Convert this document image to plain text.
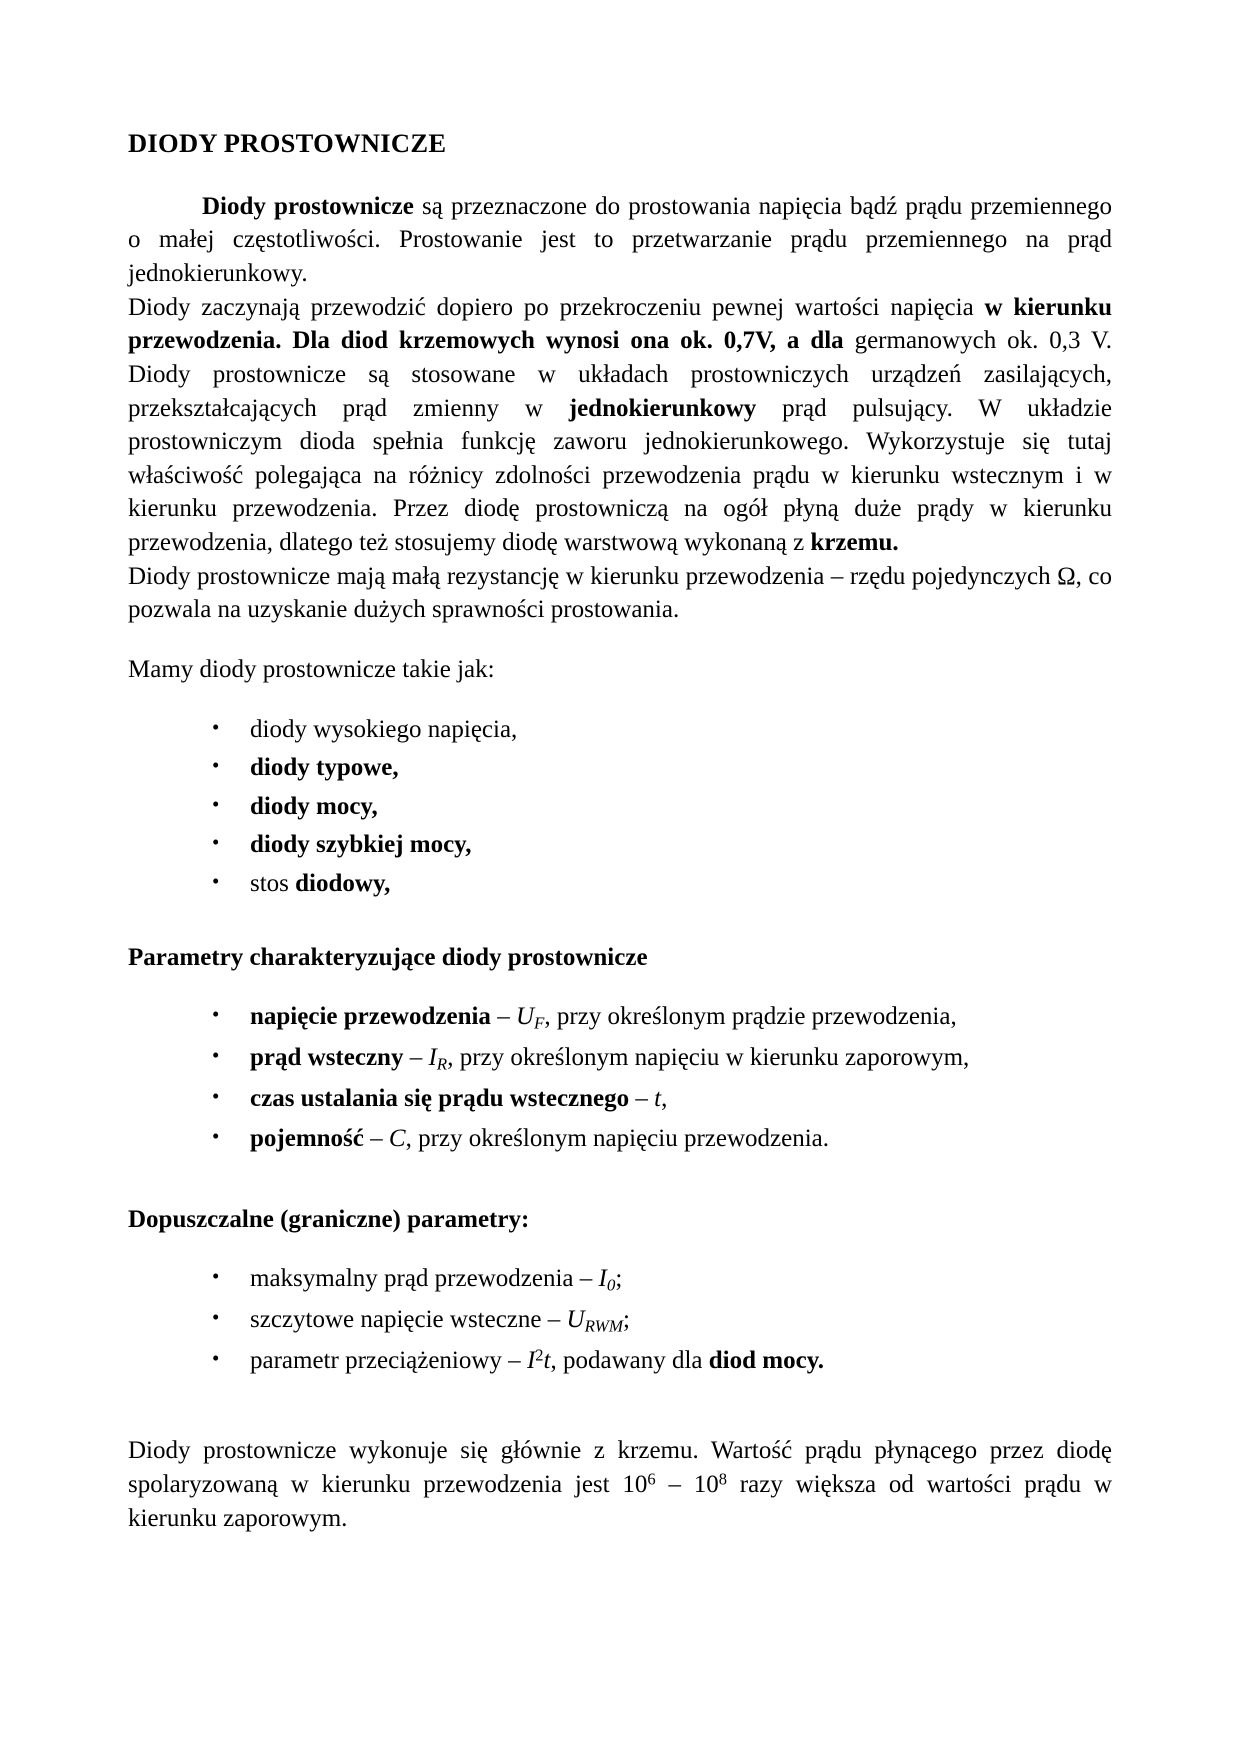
DIODY PROSTOWNICZE

Diody prostownicze są przeznaczone do prostowania napięcia bądź prądu przemiennego o małej częstotliwości. Prostowanie jest to przetwarzanie prądu przemiennego na prąd jednokierunkowy.

Diody zaczynają przewodzić dopiero po przekroczeniu pewnej wartości napięcia w kierunku przewodzenia. Dla diod krzemowych wynosi ona ok. 0,7V, a dla germanowych ok. 0,3 V. Diody prostownicze są stosowane w układach prostowniczych urządzeń zasilających, przekształcających prąd zmienny w jednokierunkowy prąd pulsujący. W układzie prostowniczym dioda spełnia funkcję zaworu jednokierunkowego. Wykorzystuje się tutaj właściwość polegająca na różnicy zdolności przewodzenia prądu w kierunku wstecznym i w kierunku przewodzenia. Przez diodę prostowniczą na ogół płyną duże prądy w kierunku przewodzenia, dlatego też stosujemy diodę warstwową wykonaną z krzemu.

Diody prostownicze mają małą rezystancję w kierunku przewodzenia – rzędu pojedynczych Ω, co pozwala na uzyskanie dużych sprawności prostowania.

Mamy diody prostownicze takie jak:

• diody wysokiego napięcia,
• diody typowe,
• diody mocy,
• diody szybkiej mocy,
• stos diodowy,

Parametry charakteryzujące diody prostownicze

• napięcie przewodzenia – $U_F$, przy określonym prądzie przewodzenia,
• prąd wsteczny – $I_R$, przy określonym napięciu w kierunku zaporowym,
• czas ustalania się prądu wstecznego – t,
• pojemność – C, przy określonym napięciu przewodzenia.

Dopuszczalne (graniczne) parametry:

• maksymalny prąd przewodzenia – $I_0$;
• szczytowe napięcie wsteczne – $U_{RWM}$;
• parametr przeciążeniowy – $I^2t$, podawany dla diod mocy.

Diody prostownicze wykonuje się głównie z krzemu. Wartość prądu płynącego przez diodę spolaryzowaną w kierunku przewodzenia jest $10^6 - 10^8$ razy większa od wartości prądu w kierunku zaporowym.
